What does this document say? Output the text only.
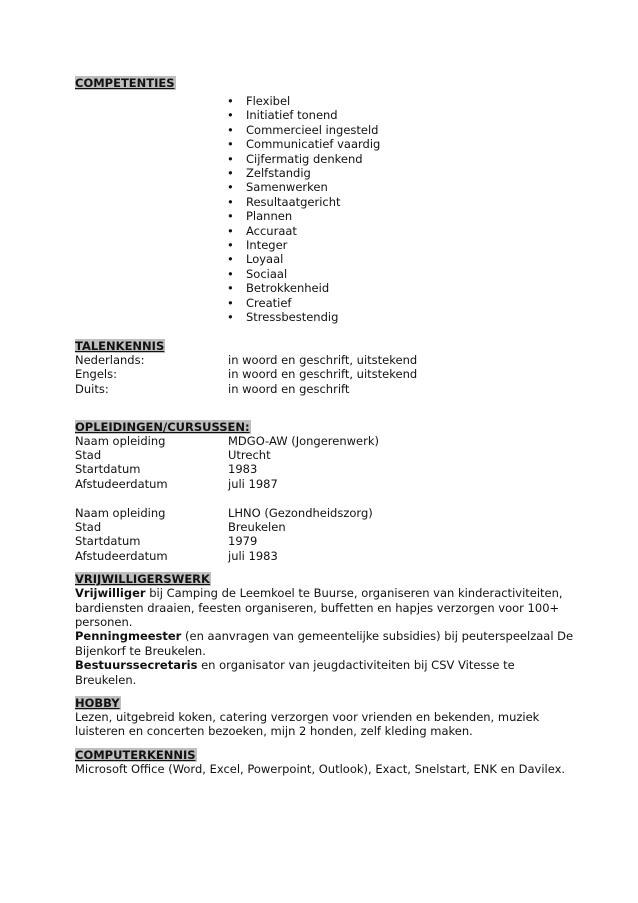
COMPETENTIES
• Flexibel
• Initiatief tonend
• Commercieel ingesteld
• Communicatief vaardig
• Cijfermatig denkend
• Zelfstandig
• Samenwerken
• Resultaatgericht
• Plannen
• Accuraat
• Integer
• Loyaal
• Sociaal
• Betrokkenheid
• Creatief
• Stressbestendig
TALENKENNIS
Nederlands:	in woord en geschrift, uitstekend
Engels:	in woord en geschrift, uitstekend
Duits:	in woord en geschrift
OPLEIDINGEN/CURSUSSEN:
Naam opleiding	MDGO-AW (Jongerenwerk)
Stad	Utrecht
Startdatum	1983
Afstudeerdatum	juli 1987
Naam opleiding	LHNO (Gezondheidszorg)
Stad	Breukelen
Startdatum	1979
Afstudeerdatum	juli 1983
VRIJWILLIGERSWERK
Vrijwilliger bij Camping de Leemkoel te Buurse, organiseren van kinderactiviteiten, bardiensten draaien, feesten organiseren, buffetten en hapjes verzorgen voor 100+ personen.
Penningmeester (en aanvragen van gemeentelijke subsidies) bij peuterspeelzaal De Bijenkorf te Breukelen.
Bestuurssecretaris en organisator van jeugdactiviteiten bij CSV Vitesse te Breukelen.
HOBBY
Lezen, uitgebreid koken, catering verzorgen voor vrienden en bekenden, muziek luisteren en concerten bezoeken, mijn 2 honden, zelf kleding maken.
COMPUTERKENNIS
Microsoft Office (Word, Excel, Powerpoint, Outlook), Exact, Snelstart, ENK en Davilex.
